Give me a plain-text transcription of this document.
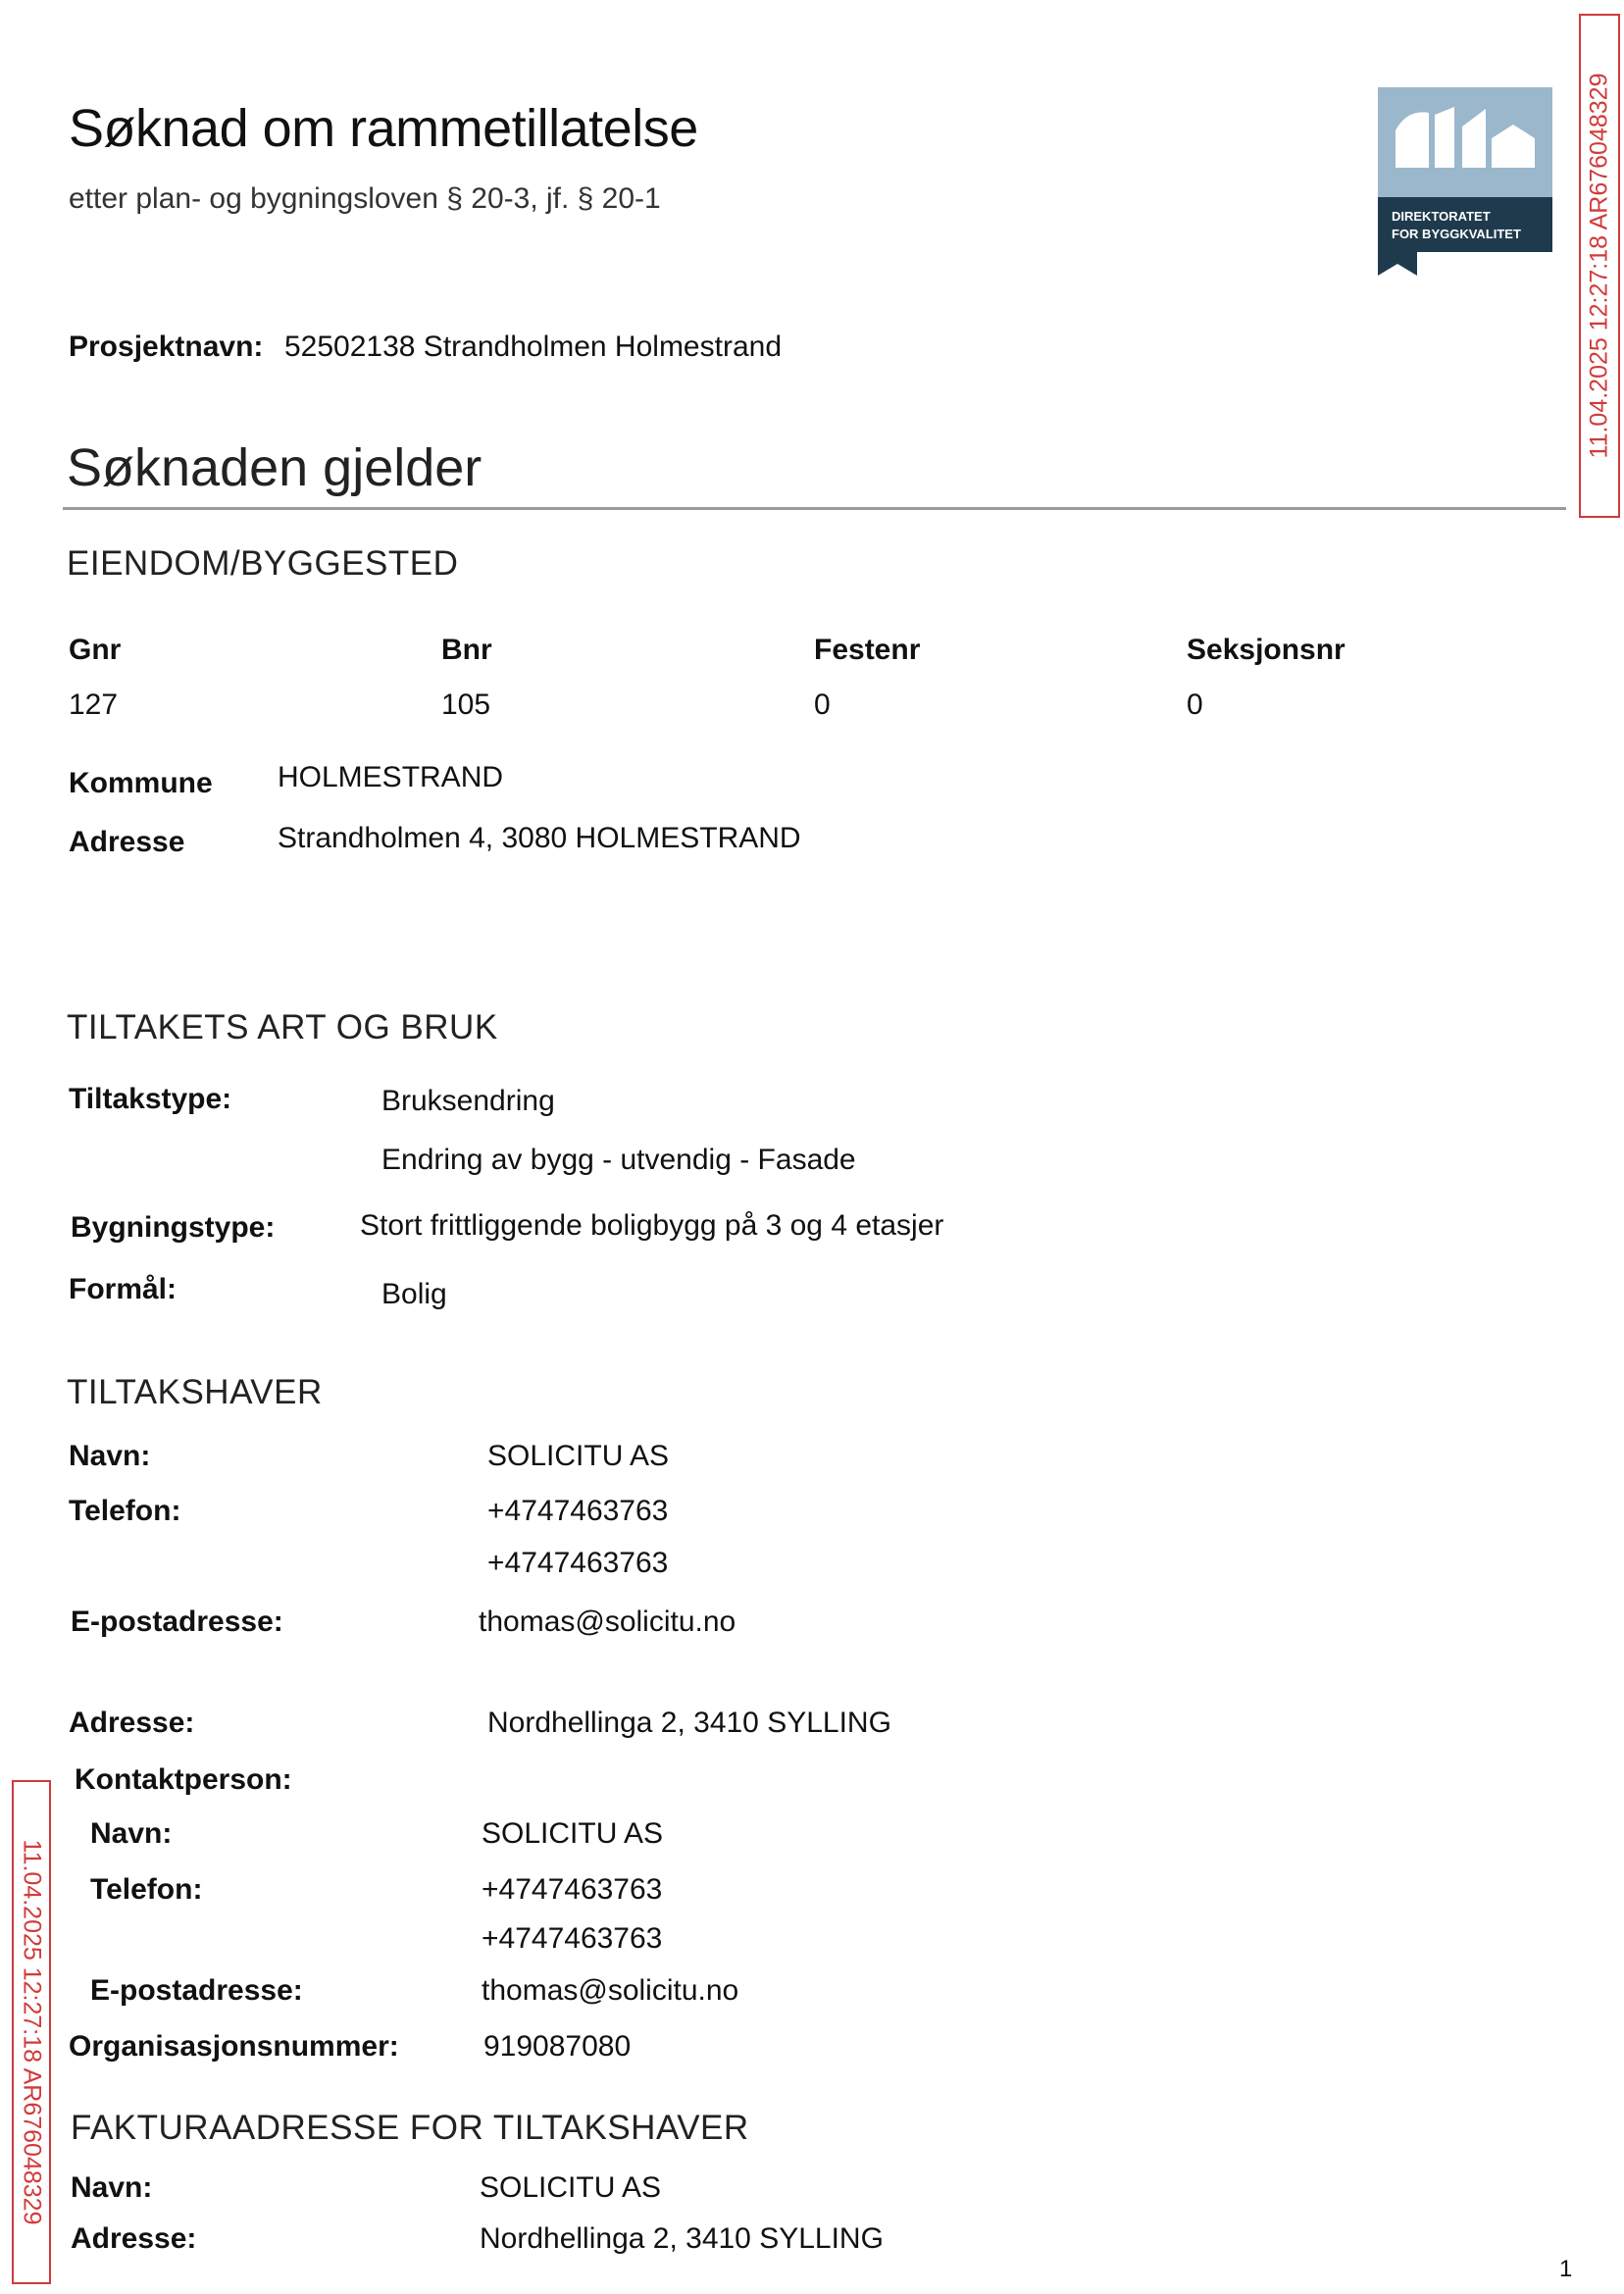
Søknad om rammetillatelse
etter plan- og bygningsloven § 20-3, jf. § 20-1
Prosjektnavn: 52502138 Strandholmen Holmestrand
DIREKTORATET
FOR BYGGKVALITET	11.04.2025 12:27:18 AR676048329
11.04.2025 12:27:18 AR676048329
Søknaden gjelder
EIENDOM/BYGGESTED
Gnr	Bnr	Festenr	Seksjonsnr
127	105	0	0
Kommune HOLMESTRAND
Adresse	Strandholmen 4, 3080 HOLMESTRAND
TILTAKETS ART OG BRUK
Tiltakstype:	Bruksendring
Endring av bygg - utvendig - Fasade
Bygningstype:	Stort frittliggende boligbygg på 3 og 4 etasjer
Formål:	Bolig
TILTAKSHAVER
Navn:	SOLICITU AS
Telefon:	+4747463763
+4747463763
E-postadresse:	thomas@solicitu.no
Adresse:	Nordhellinga 2, 3410 SYLLING
Kontaktperson:
Navn:	SOLICITU AS
Telefon:	+4747463763
+4747463763
E-postadresse:	thomas@solicitu.no
Organisasjonsnummer:	919087080
FAKTURAADRESSE FOR TILTAKSHAVER
Navn:	SOLICITU AS
Adresse:	Nordhellinga 2, 3410 SYLLING
1
